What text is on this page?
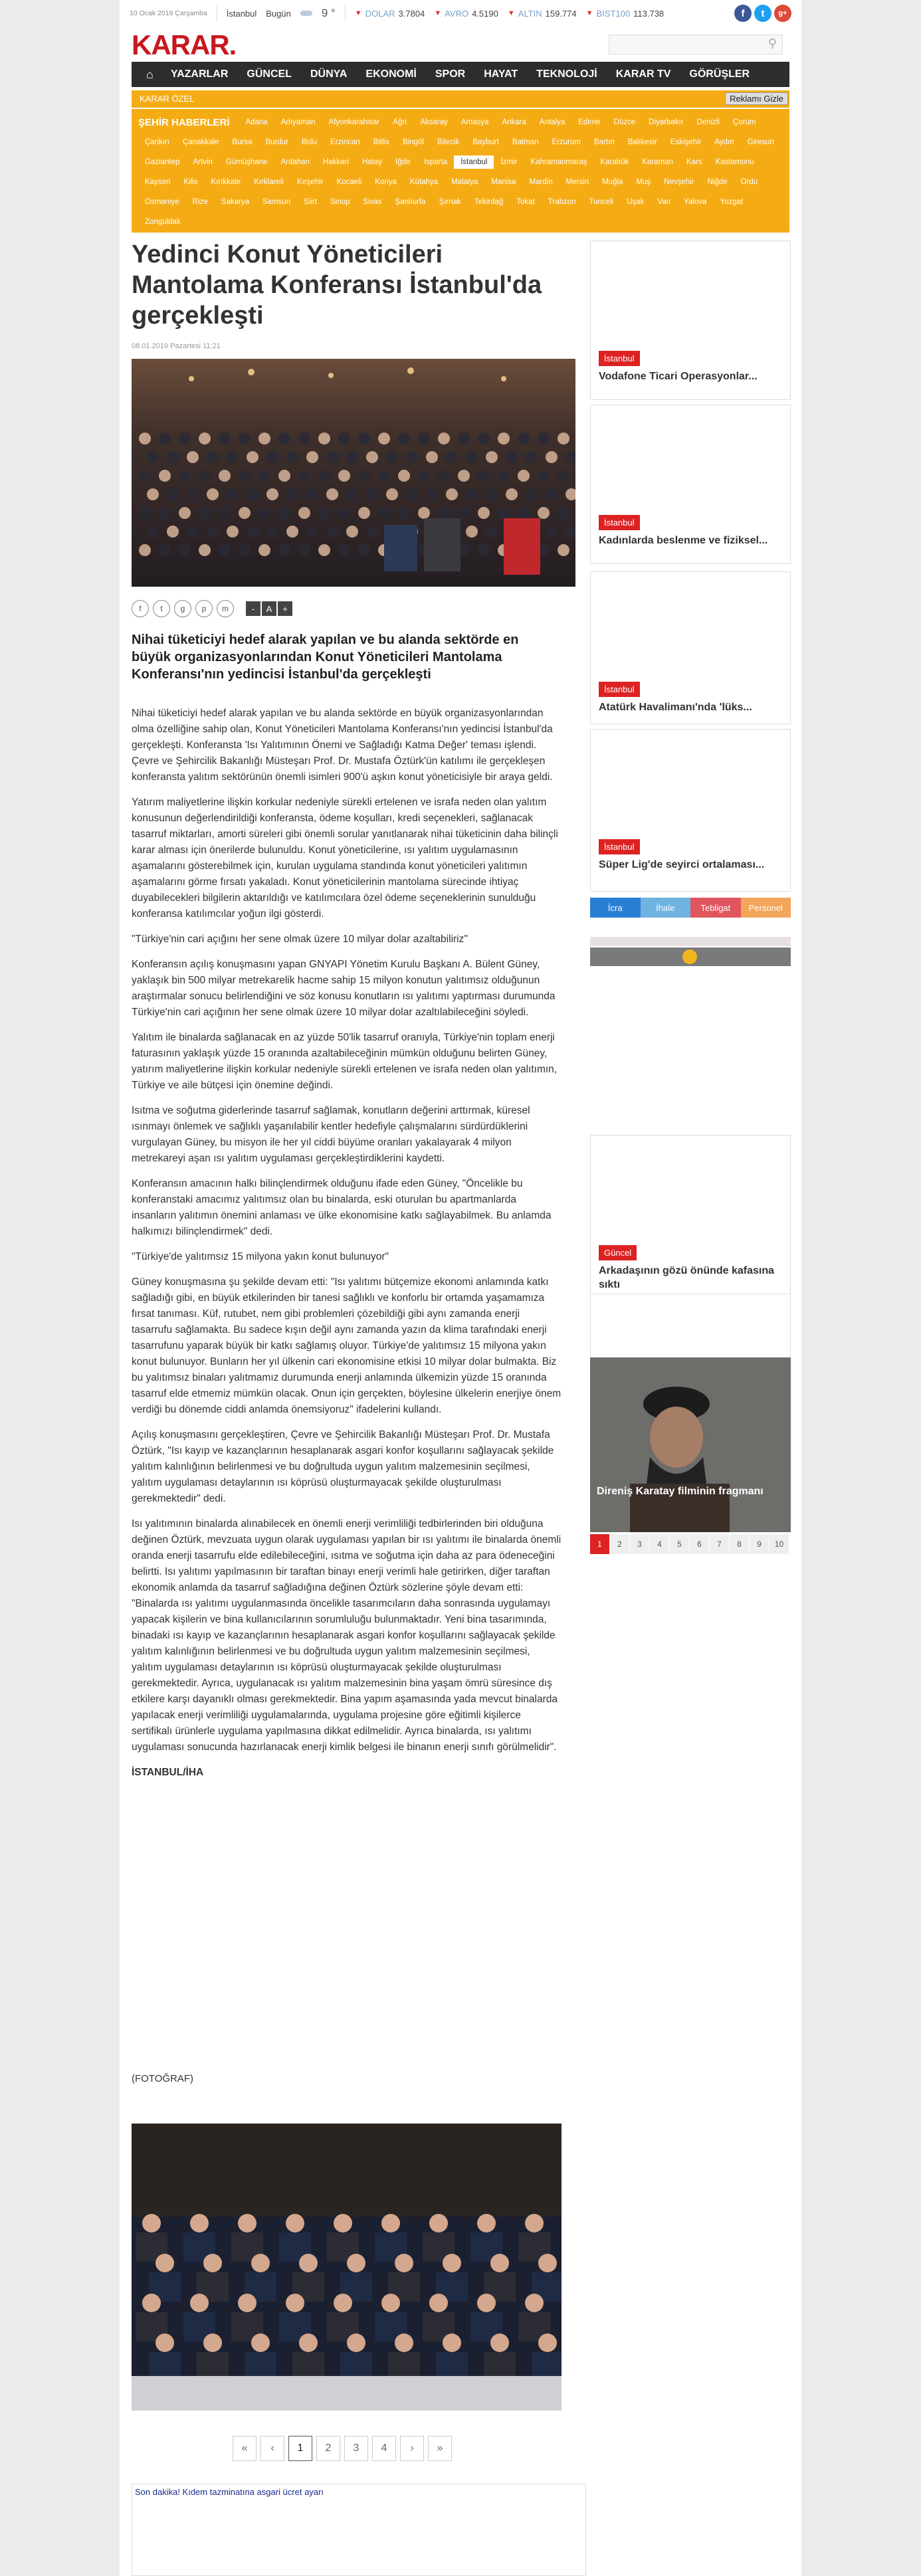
10 Ocak 2019 Çarşamba İstanbul Bugün	9 °	▼ DOLAR 3.7804 ▼ AVRO 4.5190 ▼ ALTIN 159.774 ▼ BIST100 113.738	f	t	g+
KARAR.	⚲
⌂	YAZARLAR	GÜNCEL	DÜNYA	EKONOMİ	SPOR	HAYAT	TEKNOLOJİ	KARAR TV	GÖRÜŞLER
KARAR ÖZEL	Reklamı Gizle
ŞEHİR HABERLERİ	Adana	Adıyaman	Afyonkarahisar	Ağrı	Aksaray	Amasya	Ankara	Antalya	Edirne	Düzce	Diyarbakır	Denizli	Çorum
Çankırı	Çanakkale	Bursa	Burdur	Bolu	Erzincan	Bitlis	Bingöl	Bilecik	Bayburt	Batman	Erzurum	Bartın	Balıkesir	Eskişehir	Aydın	Giresun
Gaziantep	Artvin	Gümüşhane	Ardahan	Hakkari	Hatay	Iğdır	Isparta	İstanbul	İzmir	Kahramanmaraş	Karabük	Karaman	Kars	Kastamonu
Kayseri	Kilis	Kırıkkale	Kırklareli	Kırşehir	Kocaeli	Konya	Kütahya	Malatya	Manisa	Mardin	Mersin	Muğla	Muş	Nevşehir	Niğde	Ordu
Osmaniye	Rize	Sakarya	Samsun	Siirt	Sinop	Sivas	Şanlıurfa	Şırnak	Tekirdağ	Tokat	Trabzon	Tunceli	Uşak	Van	Yalova	Yozgat
Zonguldak
Yedinci Konut Yöneticileri Mantolama Konferansı İstanbul'da gerçekleşti
08.01.2019 Pazartesi 11:21
f	t	g	p	m	-	A	+
Nihai tüketiciyi hedef alarak yapılan ve bu alanda sektörde en büyük organizasyonlarından Konut Yöneticileri Mantolama Konferansı'nın yedincisi İstanbul'da gerçekleşti

Nihai tüketiciyi hedef alarak yapılan ve bu alanda sektörde en büyük organizasyonlarından olma özelliğine sahip olan, Konut Yöneticileri Mantolama Konferansı'nın yedincisi İstanbul'da gerçekleşti. Konferansta 'Isı Yalıtımının Önemi ve Sağladığı Katma Değer' teması işlendi. Çevre ve Şehircilik Bakanlığı Müsteşarı Prof. Dr. Mustafa Öztürk'ün katılımı ile gerçekleşen konferansta yalıtım sektörünün önemli isimleri 900'ü aşkın konut yöneticisiyle bir araya geldi.

Yatırım maliyetlerine ilişkin korkular nedeniyle sürekli ertelenen ve israfa neden olan yalıtım konusunun değerlendirildiği konferansta, ödeme koşulları, kredi seçenekleri, sağlanacak tasarruf miktarları, amorti süreleri gibi önemli sorular yanıtlanarak nihai tüketicinin daha bilinçli karar alması için önerilerde bulunuldu. Konut yöneticilerine, ısı yalıtım uygulamasının aşamalarını gösterebilmek için, kurulan uygulama standında konut yöneticileri yalıtımın aşamalarını görme fırsatı yakaladı. Konut yöneticilerinin mantolama sürecinde ihtiyaç duyabilecekleri bilgilerin aktarıldığı ve katılımcılara özel ödeme seçeneklerinin sunulduğu konferansa katılımcılar yoğun ilgi gösterdi.

"Türkiye'nin cari açığını her sene olmak üzere 10 milyar dolar azaltabiliriz"

Konferansın açılış konuşmasını yapan GNYAPI Yönetim Kurulu Başkanı A. Bülent Güney, yaklaşık bin 500 milyar metrekarelik hacme sahip 15 milyon konutun yalıtımsız olduğunun araştırmalar sonucu belirlendiğini ve söz konusu konutların ısı yalıtımı yaptırması durumunda Türkiye'nin cari açığının her sene olmak üzere 10 milyar dolar azaltılabileceğini söyledi.

Yalıtım ile binalarda sağlanacak en az yüzde 50'lik tasarruf oranıyla, Türkiye'nin toplam enerji faturasının yaklaşık yüzde 15 oranında azaltabileceğinin mümkün olduğunu belirten Güney, yatırım maliyetlerine ilişkin korkular nedeniyle sürekli ertelenen ve israfa neden olan yalıtımın, Türkiye ve aile bütçesi için önemine değindi.

Isıtma ve soğutma giderlerinde tasarruf sağlamak, konutların değerini arttırmak, küresel ısınmayı önlemek ve sağlıklı yaşanılabilir kentler hedefiyle çalışmalarını sürdürdüklerini vurgulayan Güney, bu misyon ile her yıl ciddi büyüme oranları yakalayarak 4 milyon metrekareyi aşan ısı yalıtım uygulaması gerçekleştirdiklerini kaydetti.

Konferansın amacının halkı bilinçlendirmek olduğunu ifade eden Güney, "Öncelikle bu konferanstaki amacımız yalıtımsız olan bu binalarda, eski oturulan bu apartmanlarda insanların yalıtımın önemini anlaması ve ülke ekonomisine katkı sağlayabilmek. Bu anlamda halkımızı bilinçlendirmek" dedi.

"Türkiye'de yalıtımsız 15 milyona yakın konut bulunuyor"

Güney konuşmasına şu şekilde devam etti: "Isı yalıtımı bütçemize ekonomi anlamında katkı sağladığı gibi, en büyük etkilerinden bir tanesi sağlıklı ve konforlu bir ortamda yaşamamıza fırsat tanıması. Küf, rutubet, nem gibi problemleri çözebildiği gibi aynı zamanda enerji tasarrufu sağlamakta. Bu sadece kışın değil aynı zamanda yazın da klima tarafındaki enerji tasarrufunu yaparak büyük bir katkı sağlamış oluyor. Türkiye'de yalıtımsız 15 milyona yakın konut bulunuyor. Bunların her yıl ülkenin cari ekonomisine etkisi 10 milyar dolar bulmakta. Biz bu yalıtımsız binaları yalıtmamız durumunda enerji anlamında ülkemizin yüzde 15 oranında tasarruf elde etmemiz mümkün olacak. Onun için gerçekten, böylesine ülkelerin enerjiye önem verdiği bu dönemde ciddi anlamda önemsiyoruz" ifadelerini kullandı.

Açılış konuşmasını gerçekleştiren, Çevre ve Şehircilik Bakanlığı Müsteşarı Prof. Dr. Mustafa Öztürk, "Isı kayıp ve kazançlarının hesaplanarak asgari konfor koşullarını sağlayacak şekilde yalıtım kalınlığının belirlenmesi ve bu doğrultuda uygun yalıtım malzemesinin seçilmesi, yalıtım uygulaması detaylarının ısı köprüsü oluşturmayacak şekilde oluşturulması gerekmektedir" dedi.

Isı yalıtımının binalarda alınabilecek en önemli enerji verimliliği tedbirlerinden biri olduğuna değinen Öztürk, mevzuata uygun olarak uygulaması yapılan bir ısı yalıtımı ile binalarda önemli oranda enerji tasarrufu elde edilebileceğini, ısıtma ve soğutma için daha az para ödeneceğini belirtti. Isı yalıtımı yapılmasının bir taraftan binayı enerji verimli hale getirirken, diğer taraftan ekonomik anlamda da tasarruf sağladığına değinen Öztürk sözlerine şöyle devam etti: "Binalarda ısı yalıtımı uygulanmasında öncelikle tasarımcıların daha sonrasında uygulamayı yapacak kişilerin ve bina kullanıcılarının sorumluluğu bulunmaktadır. Yeni bina tasarımında, binadaki ısı kayıp ve kazançlarının hesaplanarak asgari konfor koşullarını sağlayacak şekilde yalıtım kalınlığının belirlenmesi ve bu doğrultuda uygun yalıtım malzemesinin seçilmesi, yalıtım uygulaması detaylarının ısı köprüsü oluşturmayacak şekilde oluşturulması gerekmektedir. Ayrıca, uygulanacak ısı yalıtım malzemesinin bina yaşam ömrü süresince dış etkilere karşı dayanıklı olması gerekmektedir. Bina yapım aşamasında yada mevcut binalarda yapılacak enerji verimliliği uygulamalarında, uygulama projesine göre eğitimli kişilerce sertifikalı ürünlerle uygulama yapılmasına dikkat edilmelidir. Ayrıca binalarda, ısı yalıtımı uygulaması sonucunda hazırlanacak enerji kimlik belgesi ile binanın enerji sınıfı görülmelidir".

İSTANBUL/İHA

(FOTOĞRAF)
«	‹	1	2	3	4	›	»
Son dakika! Kıdem tazminatına asgari ücret ayarı
İstanbul
Vodafone Ticari Operasyonlar...
İstanbul
Kadınlarda beslenme ve fiziksel...
İstanbul
Atatürk Havalimanı'nda 'lüks...
İstanbul
Süper Lig'de seyirci ortalaması...
Güncel
Arkadaşının gözü önünde kafasına sıktı
İcra	İhale	Tebligat	Personel
Direniş Karatay filminin fragmanı
1	2	3	4	5	6	7	8	9	10
